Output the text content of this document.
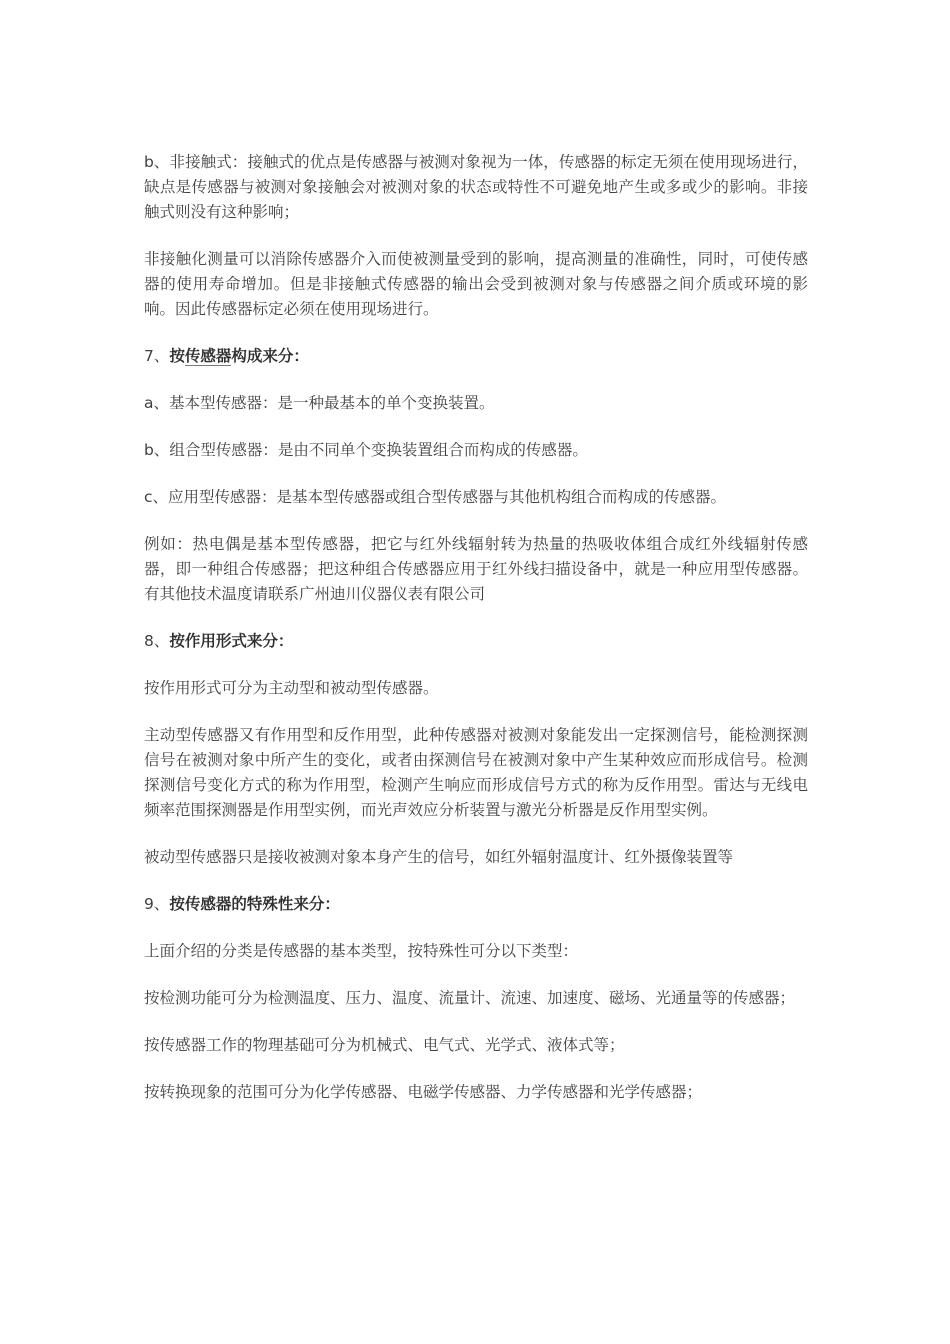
b、非接触式：接触式的优点是传感器与被测对象视为一体，传感器的标定无须在使用现场进行，缺点是传感器与被测对象接触会对被测对象的状态或特性不可避免地产生或多或少的影响。非接触式则没有这种影响；

非接触化测量可以消除传感器介入而使被测量受到的影响，提高测量的准确性，同时，可使传感器的使用寿命增加。但是非接触式传感器的输出会受到被测对象与传感器之间介质或环境的影响。因此传感器标定必须在使用现场进行。

7、按传感器构成来分：

a、基本型传感器：是一种最基本的单个变换装置。

b、组合型传感器：是由不同单个变换装置组合而构成的传感器。

c、应用型传感器：是基本型传感器或组合型传感器与其他机构组合而构成的传感器。

例如：热电偶是基本型传感器，把它与红外线辐射转为热量的热吸收体组合成红外线辐射传感器，即一种组合传感器；把这种组合传感器应用于红外线扫描设备中，就是一种应用型传感器。有其他技术温度请联系广州迪川仪器仪表有限公司

8、按作用形式来分：

按作用形式可分为主动型和被动型传感器。

主动型传感器又有作用型和反作用型，此种传感器对被测对象能发出一定探测信号，能检测探测信号在被测对象中所产生的变化，或者由探测信号在被测对象中产生某种效应而形成信号。检测探测信号变化方式的称为作用型，检测产生响应而形成信号方式的称为反作用型。雷达与无线电频率范围探测器是作用型实例，而光声效应分析装置与激光分析器是反作用型实例。

被动型传感器只是接收被测对象本身产生的信号，如红外辐射温度计、红外摄像装置等

9、按传感器的特殊性来分：

上面介绍的分类是传感器的基本类型，按特殊性可分以下类型：

按检测功能可分为检测温度、压力、温度、流量计、流速、加速度、磁场、光通量等的传感器；

按传感器工作的物理基础可分为机械式、电气式、光学式、液体式等；

按转换现象的范围可分为化学传感器、电磁学传感器、力学传感器和光学传感器；
